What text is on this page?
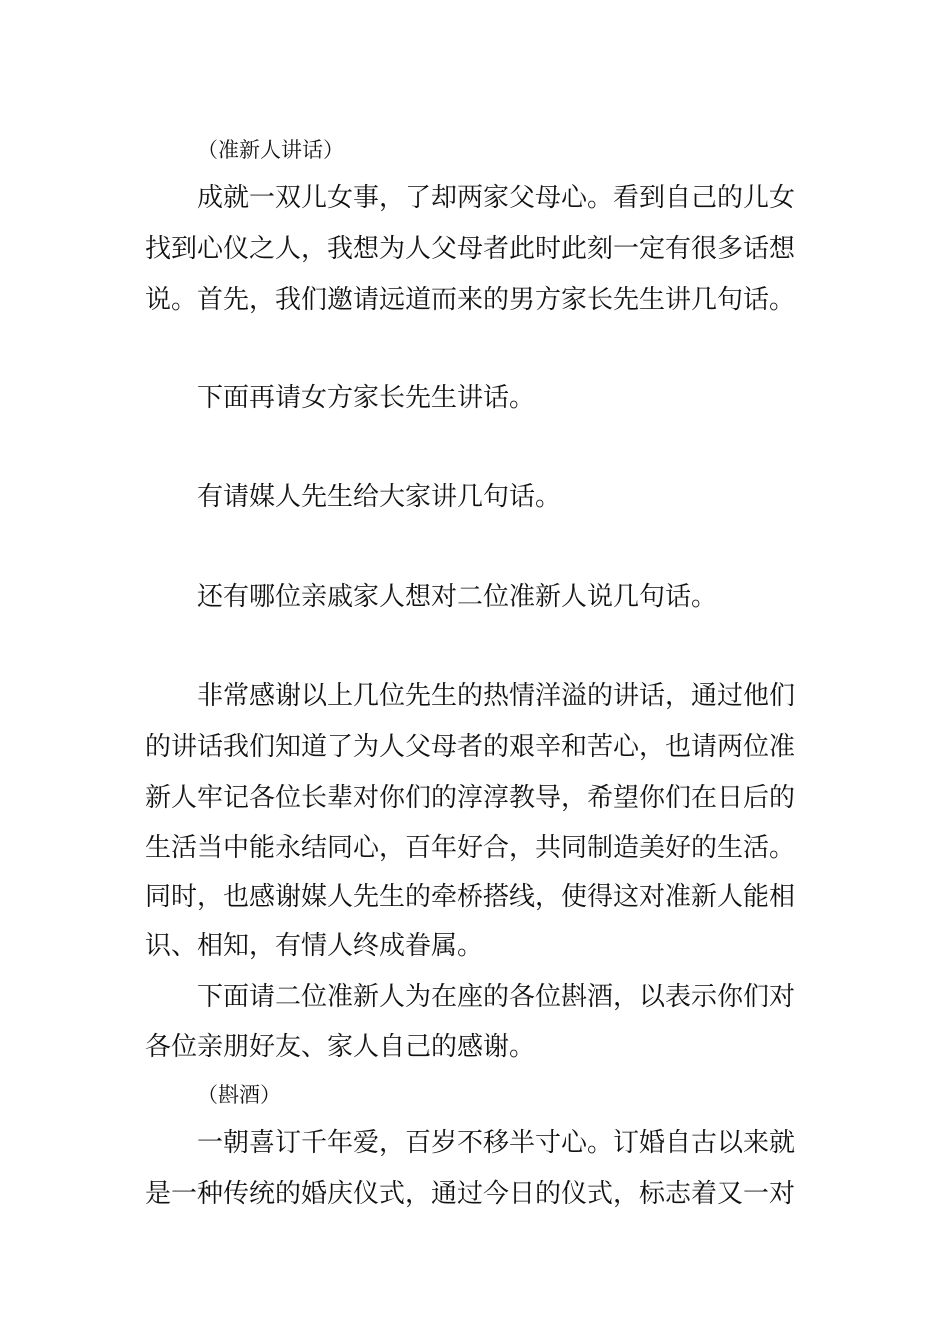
（准新人讲话）
成就一双儿女事，了却两家父母心。看到自己的儿女
找到心仪之人，我想为人父母者此时此刻一定有很多话想
说。首先，我们邀请远道而来的男方家长先生讲几句话。
下面再请女方家长先生讲话。
有请媒人先生给大家讲几句话。
还有哪位亲戚家人想对二位准新人说几句话。
非常感谢以上几位先生的热情洋溢的讲话，通过他们
的讲话我们知道了为人父母者的艰辛和苦心，也请两位准
新人牢记各位长辈对你们的淳淳教导，希望你们在日后的
生活当中能永结同心，百年好合，共同制造美好的生活。
同时，也感谢媒人先生的牵桥搭线，使得这对准新人能相
识、相知，有情人终成眷属。
下面请二位准新人为在座的各位斟酒，以表示你们对
各位亲朋好友、家人自己的感谢。
（斟酒）
一朝喜订千年爱，百岁不移半寸心。订婚自古以来就
是一种传统的婚庆仪式，通过今日的仪式，标志着又一对
